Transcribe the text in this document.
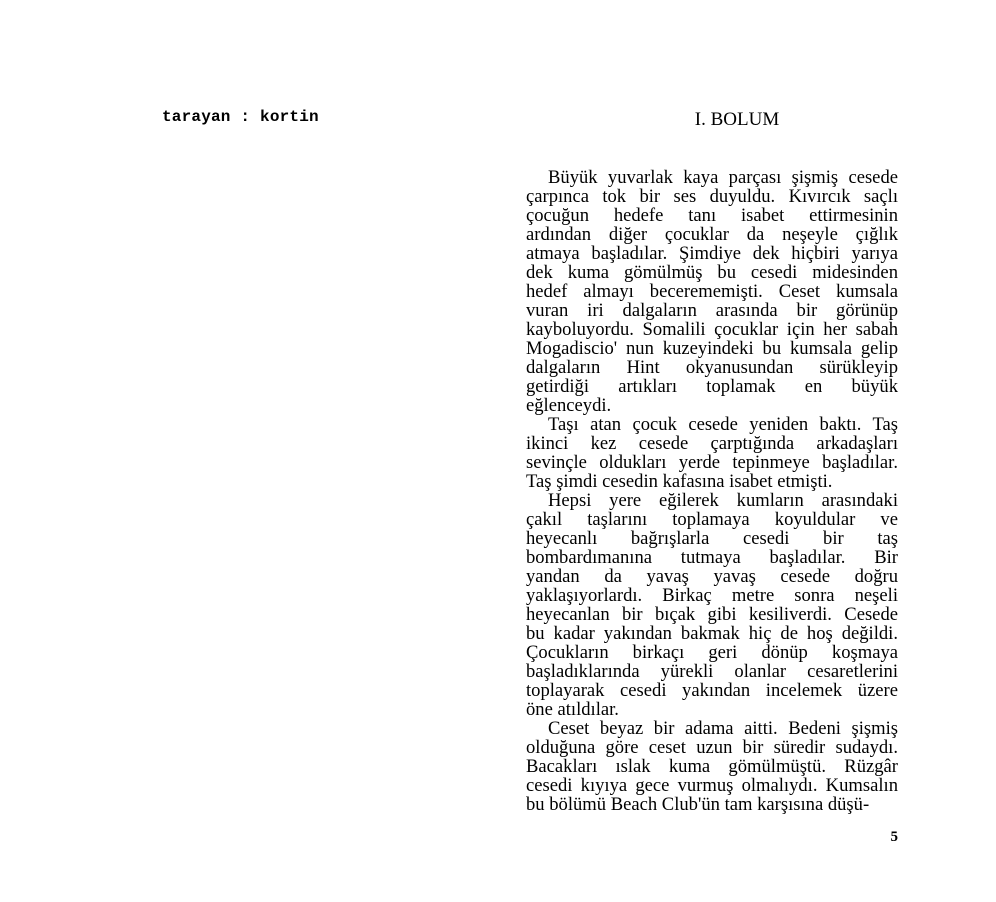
tarayan : kortin	I. BOLUM
Büyük yuvarlak kaya parçası şişmiş cesede
çarpınca tok bir ses duyuldu. Kıvırcık saçlı
çocuğun hedefe tanı isabet ettirmesinin
ardından diğer çocuklar da neşeyle çığlık
atmaya başladılar. Şimdiye dek hiçbiri yarıya
dek kuma gömülmüş bu cesedi midesinden
hedef almayı becerememişti. Ceset kumsala
vuran iri dalgaların arasında bir görünüp
kayboluyordu. Somalili çocuklar için her sabah
Mogadiscio' nun kuzeyindeki bu kumsala gelip
dalgaların Hint okyanusundan sürükleyip
getirdiği artıkları toplamak en büyük
eğlenceydi.
Taşı atan çocuk cesede yeniden baktı. Taş
ikinci kez cesede çarptığında arkadaşları
sevinçle oldukları yerde tepinmeye başladılar.
Taş şimdi cesedin kafasına isabet etmişti.
Hepsi yere eğilerek kumların arasındaki
çakıl taşlarını toplamaya koyuldular ve
heyecanlı bağrışlarla cesedi bir taş
bombardımanına tutmaya başladılar. Bir
yandan da yavaş yavaş cesede doğru
yaklaşıyorlardı. Birkaç metre sonra neşeli
heyecanlan bir bıçak gibi kesiliverdi. Cesede
bu kadar yakından bakmak hiç de hoş değildi.
Çocukların birkaçı geri dönüp koşmaya
başladıklarında yürekli olanlar cesaretlerini
toplayarak cesedi yakından incelemek üzere
öne atıldılar.
Ceset beyaz bir adama aitti. Bedeni şişmiş
olduğuna göre ceset uzun bir süredir sudaydı.
Bacakları ıslak kuma gömülmüştü. Rüzgâr
cesedi kıyıya gece vurmuş olmalıydı. Kumsalın
bu bölümü Beach Club'ün tam karşısına düşü-
5
